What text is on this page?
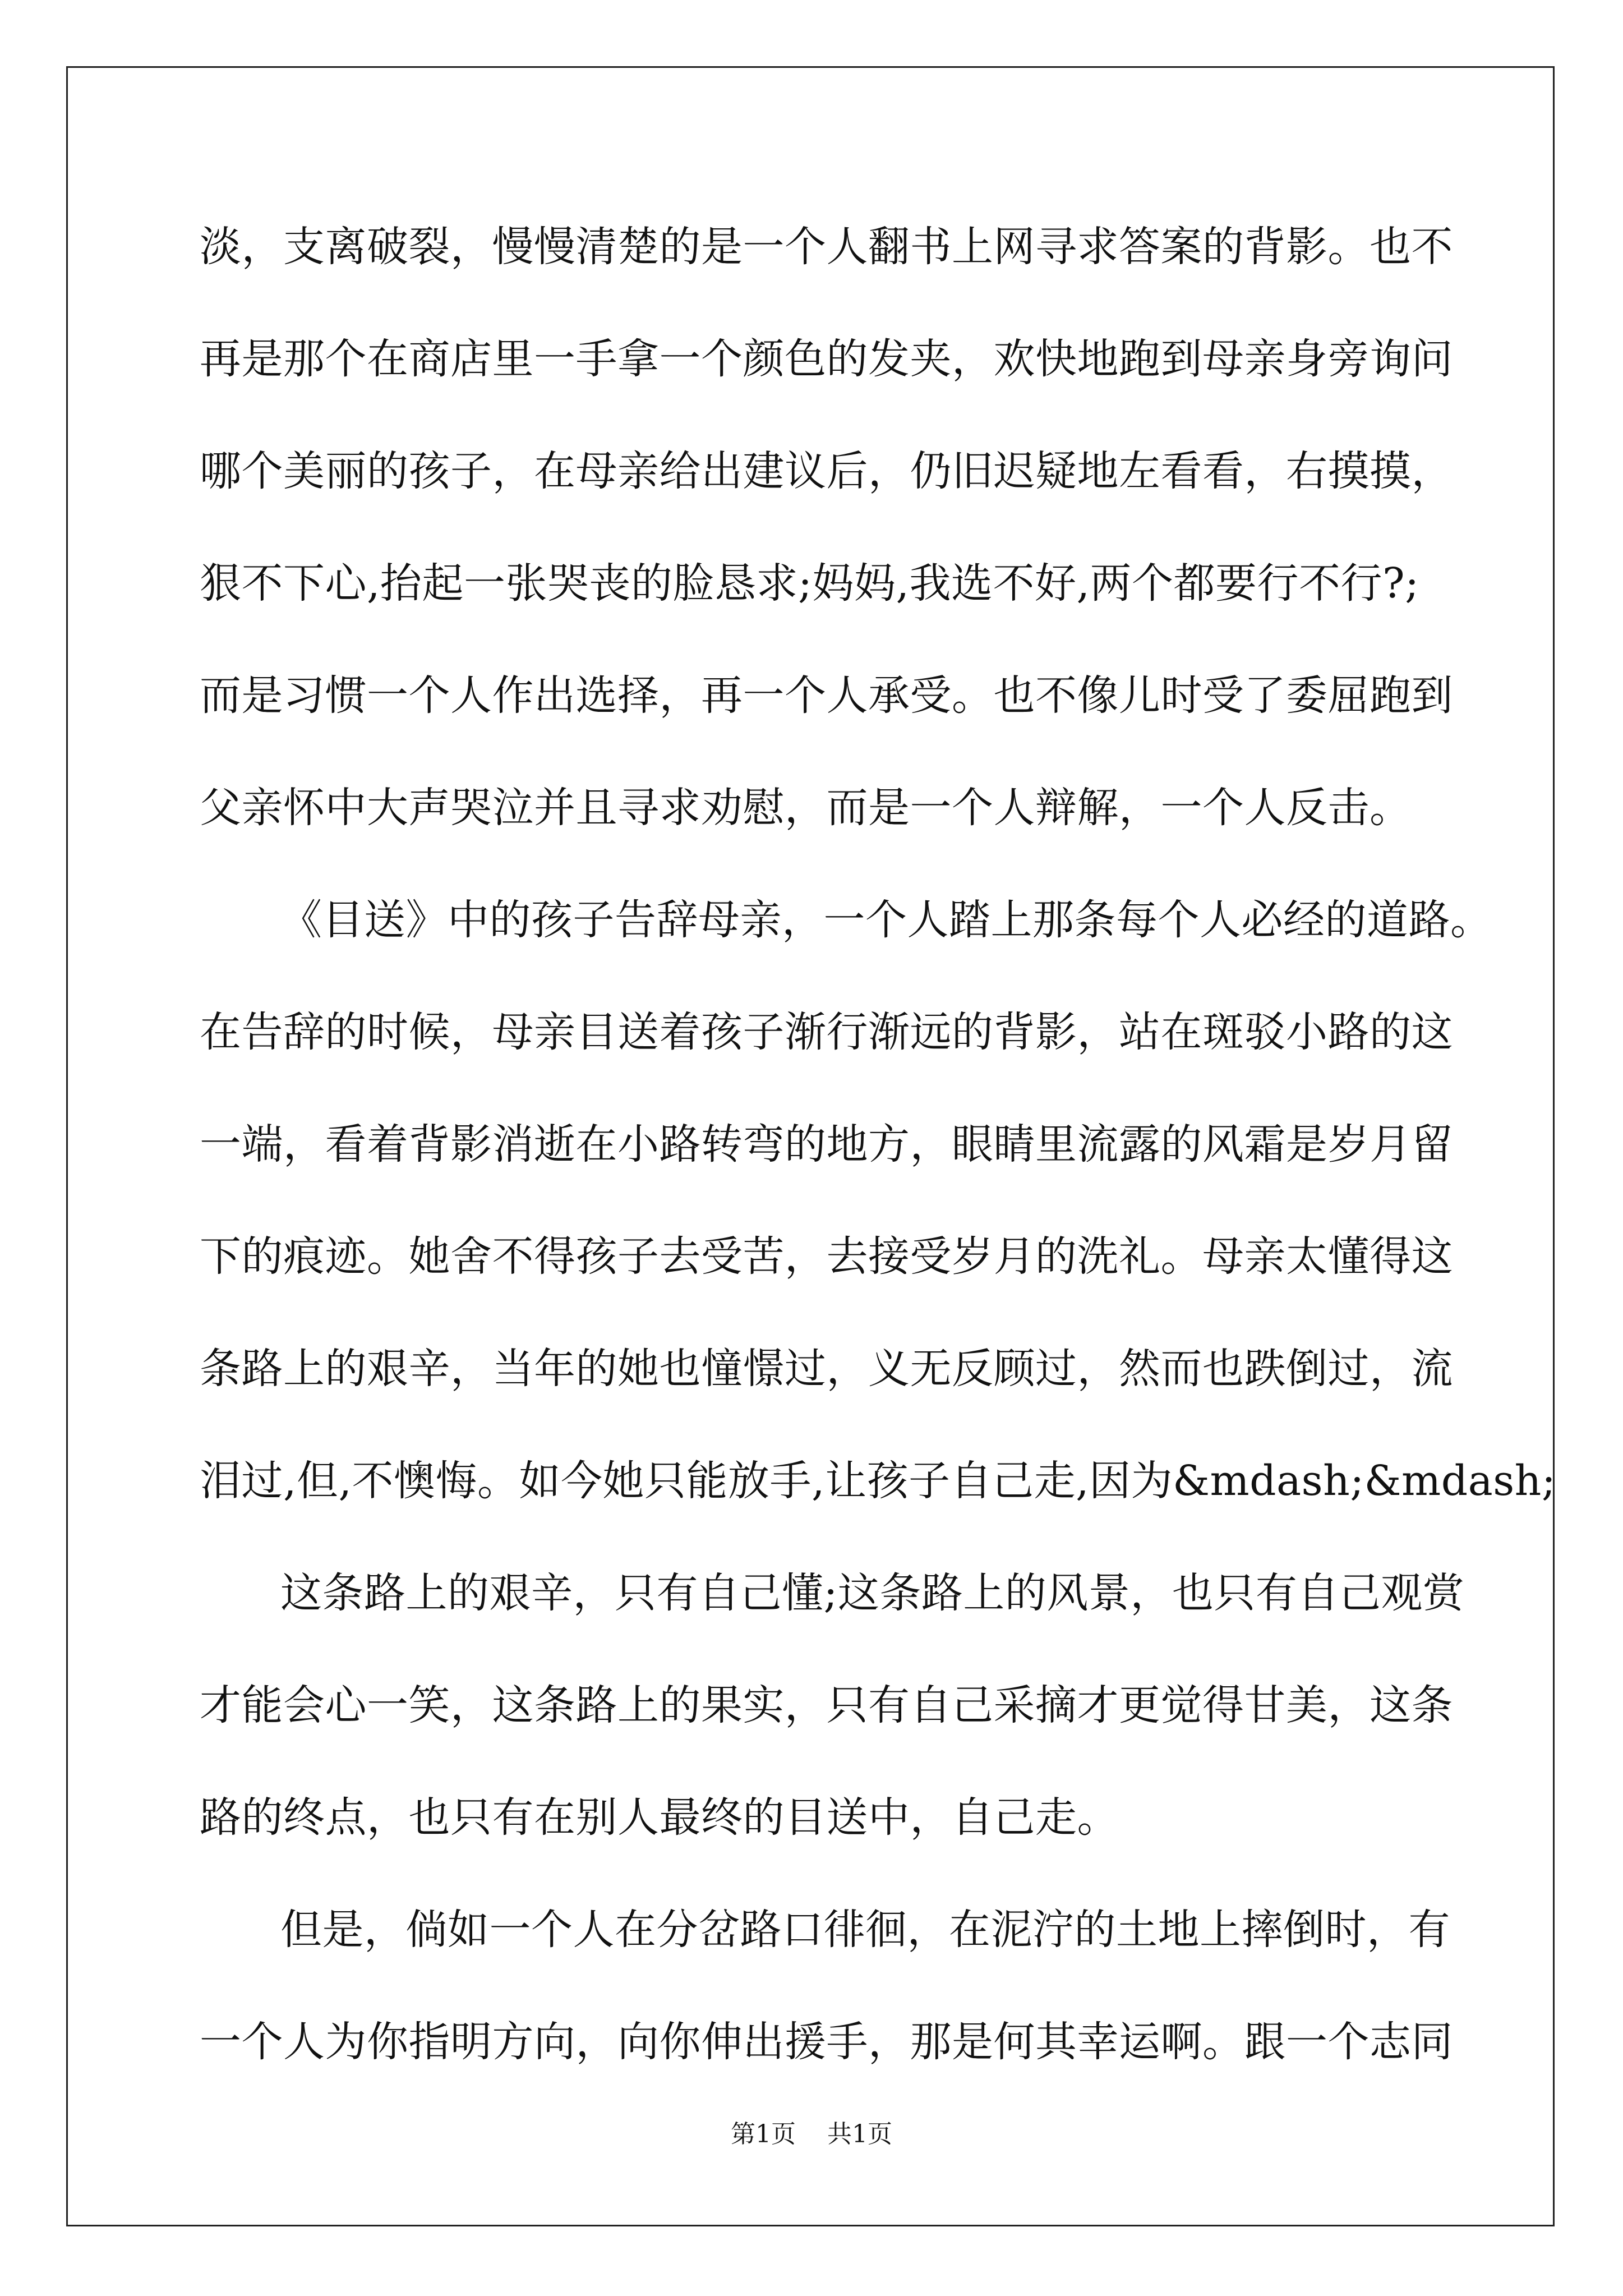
淡，支离破裂，慢慢清楚的是一个人翻书上网寻求答案的背影。也不
再是那个在商店里一手拿一个颜色的发夹，欢快地跑到母亲身旁询问
哪个美丽的孩子，在母亲给出建议后，仍旧迟疑地左看看，右摸摸，
狠不下心,抬起一张哭丧的脸恳求;妈妈,我选不好,两个都要行不行?;
而是习惯一个人作出选择，再一个人承受。也不像儿时受了委屈跑到
父亲怀中大声哭泣并且寻求劝慰，而是一个人辩解，一个人反击。
《目送》中的孩子告辞母亲，一个人踏上那条每个人必经的道路。
在告辞的时候，母亲目送着孩子渐行渐远的背影，站在斑驳小路的这
一端，看着背影消逝在小路转弯的地方，眼睛里流露的风霜是岁月留
下的痕迹。她舍不得孩子去受苦，去接受岁月的洗礼。母亲太懂得这
条路上的艰辛，当年的她也憧憬过，义无反顾过，然而也跌倒过，流
泪过,但,不懊悔。如今她只能放手,让孩子自己走,因为&mdash;&mdash;
这条路上的艰辛，只有自己懂;这条路上的风景，也只有自己观赏
才能会心一笑，这条路上的果实，只有自己采摘才更觉得甘美，这条
路的终点，也只有在别人最终的目送中，自己走。
但是，倘如一个人在分岔路口徘徊，在泥泞的土地上摔倒时，有
一个人为你指明方向，向你伸出援手，那是何其幸运啊。跟一个志同
第1页 共1页
